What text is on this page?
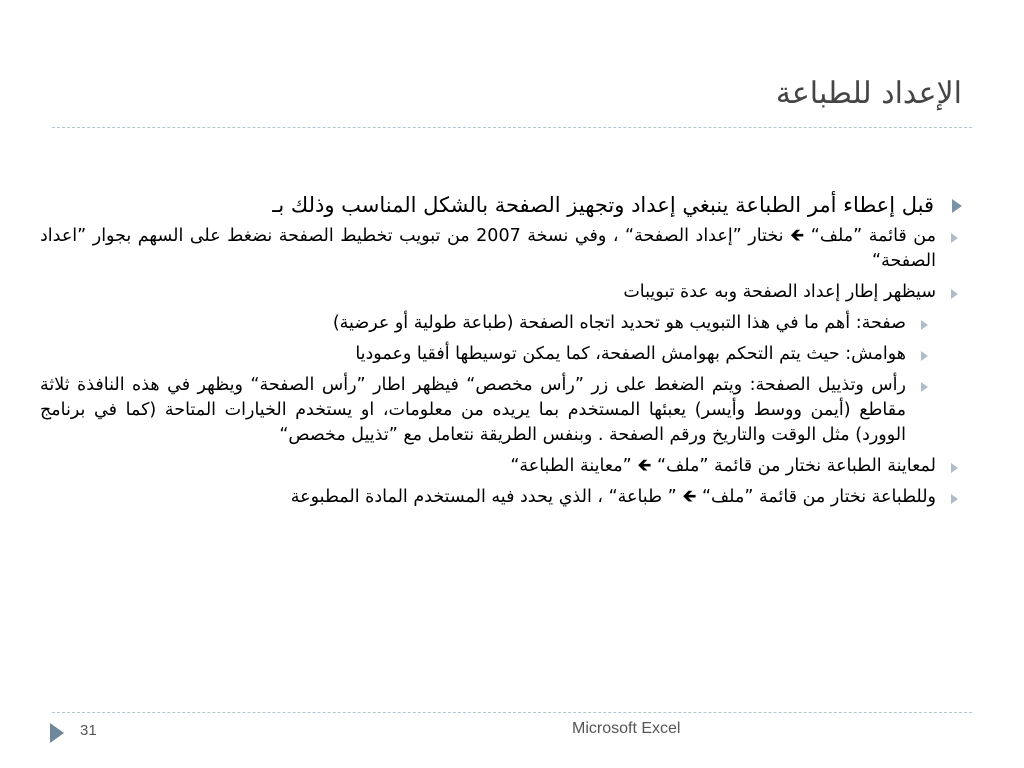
الإعداد للطباعة
قبل إعطاء أمر الطباعة ينبغي إعداد وتجهيز الصفحة بالشكل المناسب وذلك بـ
من قائمة ”ملف“ 🡸 نختار ”إعداد الصفحة“ ، وفي نسخة 2007 من تبويب تخطيط الصفحة نضغط على السهم بجوار ”اعداد الصفحة“
سيظهر إطار إعداد الصفحة وبه عدة تبويبات
صفحة: أهم ما في هذا التبويب هو تحديد اتجاه الصفحة (طباعة طولية أو عرضية)
هوامش: حيث يتم التحكم بهوامش الصفحة، كما يمكن توسيطها أفقيا وعموديا
رأس وتذييل الصفحة: ويتم الضغط على زر ”رأس مخصص“ فيظهر اطار ”رأس الصفحة“ ويظهر في هذه النافذة ثلاثة مقاطع (أيمن ووسط وأيسر) يعبئها المستخدم بما يريده من معلومات، او يستخدم الخيارات المتاحة (كما في برنامج الوورد) مثل الوقت والتاريخ ورقم الصفحة . وبنفس الطريقة نتعامل مع ”تذييل مخصص“
لمعاينة الطباعة نختار من قائمة ”ملف“ 🡸 ”معاينة الطباعة“
وللطباعة نختار من قائمة ”ملف“ 🡸 ” طباعة“ ، الذي يحدد فيه المستخدم المادة المطبوعة
31	Microsoft Excel
